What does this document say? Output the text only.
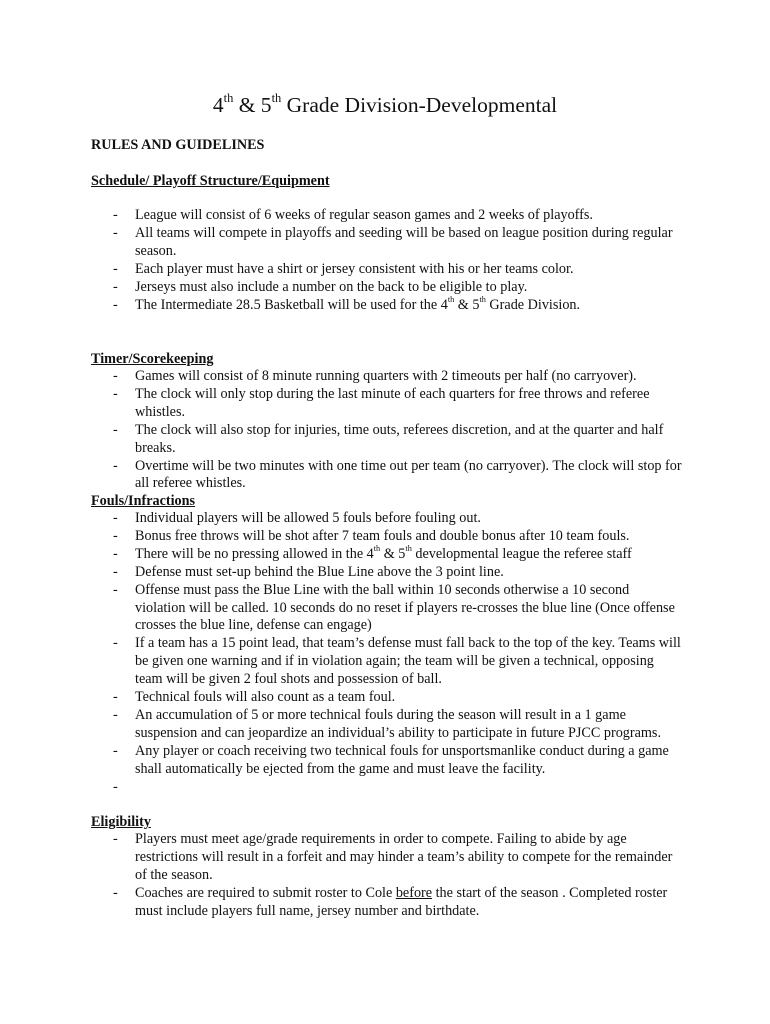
4th & 5th Grade Division-Developmental

RULES AND GUIDELINES

Schedule/ Playoff Structure/Equipment

- League will consist of 6 weeks of regular season games and 2 weeks of playoffs.
- All teams will compete in playoffs and seeding will be based on league position during regular season.
- Each player must have a shirt or jersey consistent with his or her teams color.
- Jerseys must also include a number on the back to be eligible to play.
- The Intermediate 28.5 Basketball will be used for the 4th & 5th Grade Division.

Timer/Scorekeeping

- Games will consist of 8 minute running quarters with 2 timeouts per half (no carryover).
- The clock will only stop during the last minute of each quarters for free throws and referee whistles.
- The clock will also stop for injuries, time outs, referees discretion, and at the quarter and half breaks.
- Overtime will be two minutes with one time out per team (no carryover). The clock will stop for all referee whistles.

Fouls/Infractions

- Individual players will be allowed 5 fouls before fouling out.
- Bonus free throws will be shot after 7 team fouls and double bonus after 10 team fouls.
- There will be no pressing allowed in the 4th & 5th developmental league the referee staff
- Defense must set-up behind the Blue Line above the 3 point line.
- Offense must pass the Blue Line with the ball within 10 seconds otherwise a 10 second violation will be called. 10 seconds do no reset if players re-crosses the blue line (Once offense crosses the blue line, defense can engage)
- If a team has a 15 point lead, that team’s defense must fall back to the top of the key. Teams will be given one warning and if in violation again; the team will be given a technical, opposing team will be given 2 foul shots and possession of ball.
- Technical fouls will also count as a team foul.
- An accumulation of 5 or more technical fouls during the season will result in a 1 game suspension and can jeopardize an individual’s ability to participate in future PJCC programs.
- Any player or coach receiving two technical fouls for unsportsmanlike conduct during a game shall automatically be ejected from the game and must leave the facility.
-

Eligibility

- Players must meet age/grade requirements in order to compete. Failing to abide by age restrictions will result in a forfeit and may hinder a team’s ability to compete for the remainder of the season.
- Coaches are required to submit roster to Cole before the start of the season . Completed roster must include players full name, jersey number and birthdate.
